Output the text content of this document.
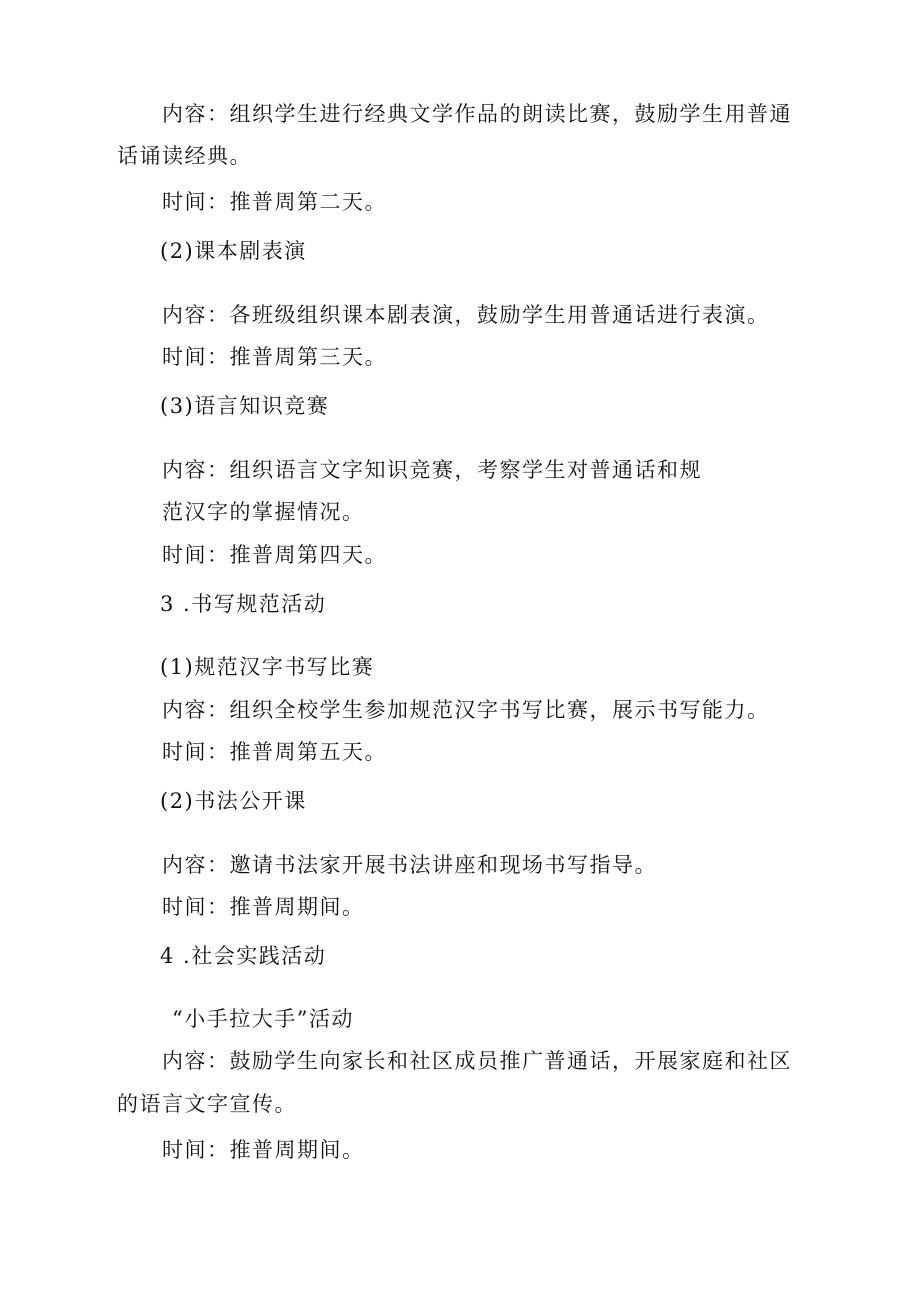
内容：组织学生进行经典文学作品的朗读比赛，鼓励学生用普通
话诵读经典。
时间：推普周第二天。
(2)课本剧表演
内容：各班级组织课本剧表演，鼓励学生用普通话进行表演。
时间：推普周第三天。
(3)语言知识竞赛
内容：组织语言文字知识竞赛，考察学生对普通话和规
范汉字的掌握情况。
时间：推普周第四天。
3 .书写规范活动
(1)规范汉字书写比赛
内容：组织全校学生参加规范汉字书写比赛，展示书写能力。
时间：推普周第五天。
(2)书法公开课
内容：邀请书法家开展书法讲座和现场书写指导。
时间：推普周期间。
4 .社会实践活动
“小手拉大手”活动
内容：鼓励学生向家长和社区成员推广普通话，开展家庭和社区
的语言文字宣传。
时间：推普周期间。
